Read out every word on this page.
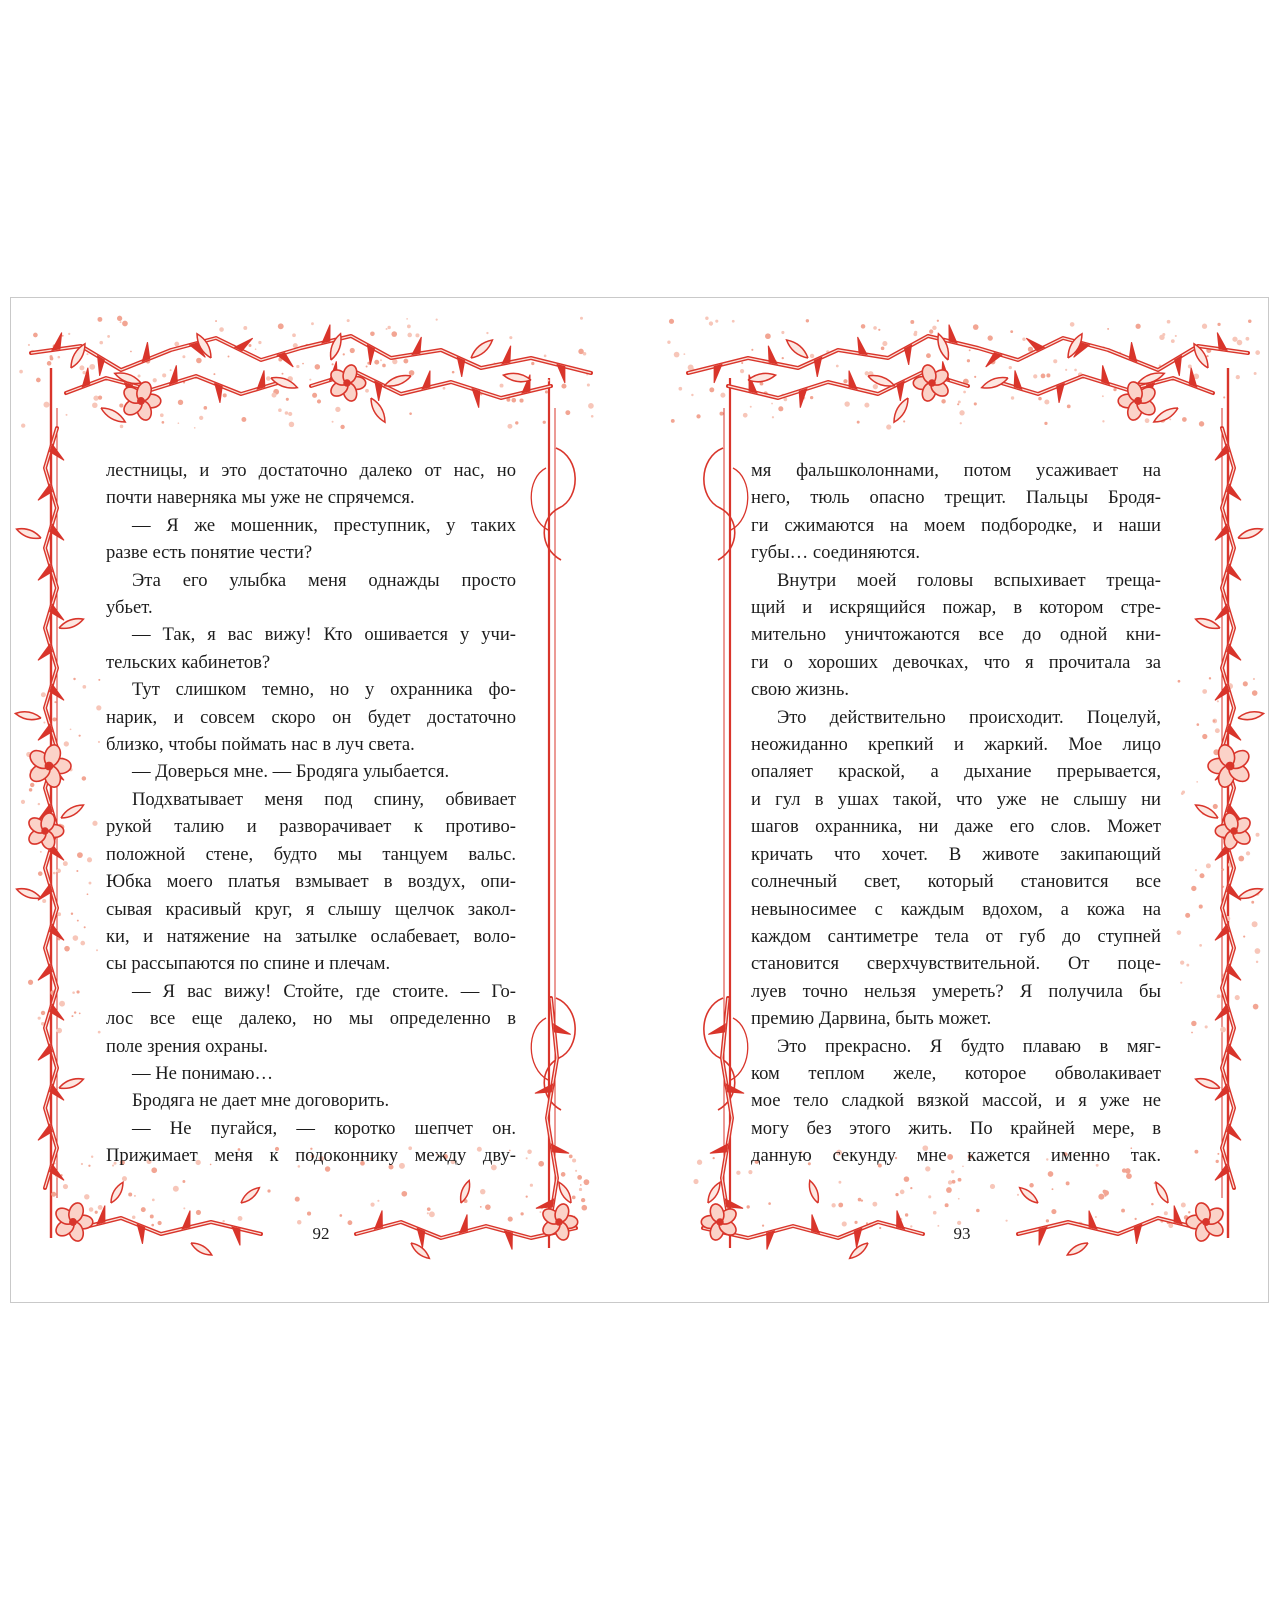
лестницы, и это достаточно далеко от нас, но

почти наверняка мы уже не спрячемся.

— Я же мошенник, преступник, у таких

разве есть понятие чести?

Эта его улыбка меня однажды просто

убьет.

— Так, я вас вижу! Кто ошивается у учи-

тельских кабинетов?

Тут слишком темно, но у охранника фо-

нарик, и совсем скоро он будет достаточно

близко, чтобы поймать нас в луч света.

— Доверься мне. — Бродяга улыбается.

Подхватывает меня под спину, обвивает

рукой талию и разворачивает к противо-

положной стене, будто мы танцуем вальс.

Юбка моего платья взмывает в воздух, опи-

сывая красивый круг, я слышу щелчок закол-

ки, и натяжение на затылке ослабевает, воло-

сы рассыпаются по спине и плечам.

— Я вас вижу! Стойте, где стоите. — Го-

лос все еще далеко, но мы определенно в

поле зрения охраны.

— Не понимаю…

Бродяга не дает мне договорить.

— Не пугайся, — коротко шепчет он.

Прижимает меня к подоконнику между дву-

92

мя фальшколоннами, потом усаживает на

него, тюль опасно трещит. Пальцы Бродя-

ги сжимаются на моем подбородке, и наши

губы… соединяются.

Внутри моей головы вспыхивает треща-

щий и искрящийся пожар, в котором стре-

мительно уничтожаются все до одной кни-

ги о хороших девочках, что я прочитала за

свою жизнь.

Это действительно происходит. Поцелуй,

неожиданно крепкий и жаркий. Мое лицо

опаляет краской, а дыхание прерывается,

и гул в ушах такой, что уже не слышу ни

шагов охранника, ни даже его слов. Может

кричать что хочет. В животе закипающий

солнечный свет, который становится все

невыносимее с каждым вдохом, а кожа на

каждом сантиметре тела от губ до ступней

становится сверхчувствительной. От поце-

луев точно нельзя умереть? Я получила бы

премию Дарвина, быть может.

Это прекрасно. Я будто плаваю в мяг-

ком теплом желе, которое обволакивает

мое тело сладкой вязкой массой, и я уже не

могу без этого жить. По крайней мере, в

данную секунду мне кажется именно так.

93
